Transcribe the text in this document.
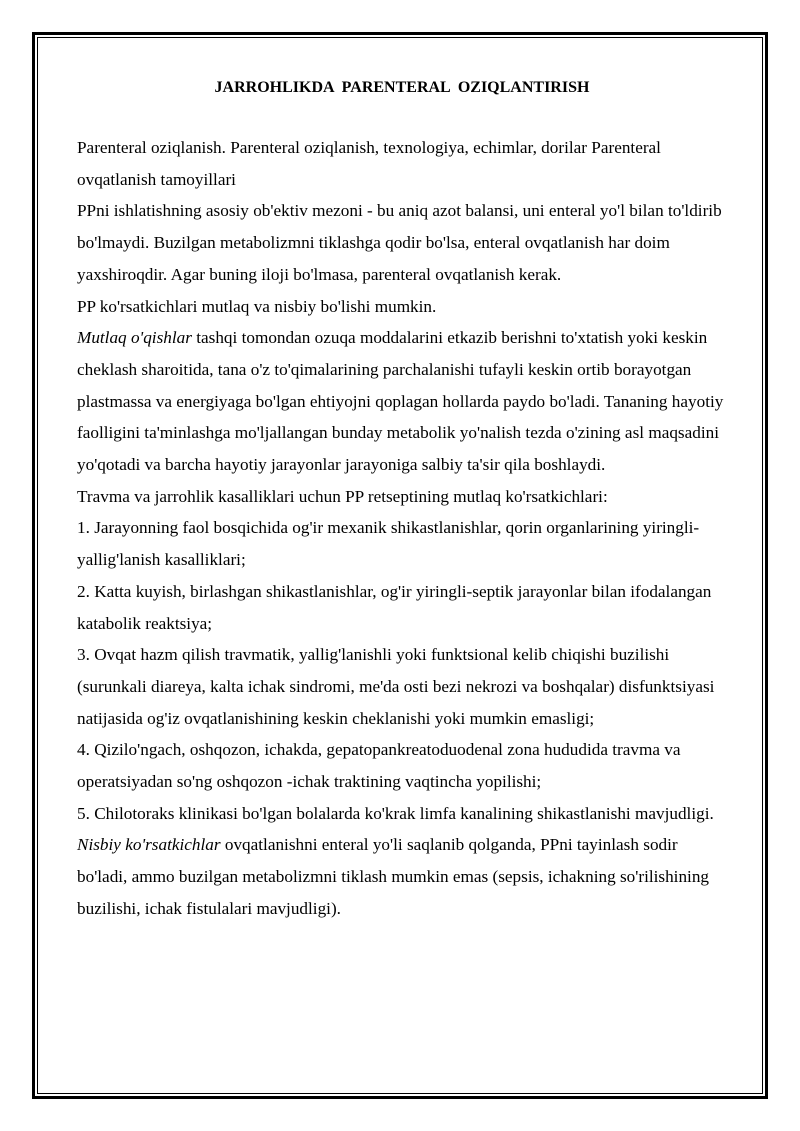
JARROHLIKDA  PARENTERAL  OZIQLANTIRISH

Parenteral oziqlanish. Parenteral oziqlanish, texnologiya, echimlar, dorilar Parenteral ovqatlanish tamoyillari

PPni ishlatishning asosiy ob'ektiv mezoni - bu aniq azot balansi, uni enteral yo'l bilan to'ldirib bo'lmaydi. Buzilgan metabolizmni tiklashga qodir bo'lsa, enteral ovqatlanish har doim yaxshiroqdir. Agar buning iloji bo'lmasa, parenteral ovqatlanish kerak.

PP ko'rsatkichlari mutlaq va nisbiy bo'lishi mumkin.

Mutlaq o'qishlar tashqi tomondan ozuqa moddalarini etkazib berishni to'xtatish yoki keskin cheklash sharoitida, tana o'z to'qimalarining parchalanishi tufayli keskin ortib borayotgan plastmassa va energiyaga bo'lgan ehtiyojni qoplagan hollarda paydo bo'ladi. Tananing hayotiy faolligini ta'minlashga mo'ljallangan bunday metabolik yo'nalish tezda o'zining asl maqsadini yo'qotadi va barcha hayotiy jarayonlar jarayoniga salbiy ta'sir qila boshlaydi.

Travma va jarrohlik kasalliklari uchun PP retseptining mutlaq ko'rsatkichlari:

1. Jarayonning faol bosqichida og'ir mexanik shikastlanishlar, qorin organlarining yiringli-yallig'lanish kasalliklari;

2. Katta kuyish, birlashgan shikastlanishlar, og'ir yiringli-septik jarayonlar bilan ifodalangan katabolik reaktsiya;

3. Ovqat hazm qilish travmatik, yallig'lanishli yoki funktsional kelib chiqishi buzilishi (surunkali diareya, kalta ichak sindromi, me'da osti bezi nekrozi va boshqalar) disfunktsiyasi natijasida og'iz ovqatlanishining keskin cheklanishi yoki mumkin emasligi;

4. Qizilo'ngach, oshqozon, ichakda, gepatopankreatoduodenal zona hududida travma va operatsiyadan so'ng oshqozon -ichak traktining vaqtincha yopilishi;

5. Chilotoraks klinikasi bo'lgan bolalarda ko'krak limfa kanalining shikastlanishi mavjudligi.

Nisbiy ko'rsatkichlar ovqatlanishni enteral yo'li saqlanib qolganda, PPni tayinlash sodir bo'ladi, ammo buzilgan metabolizmni tiklash mumkin emas (sepsis, ichakning so'rilishining buzilishi, ichak fistulalari mavjudligi).
